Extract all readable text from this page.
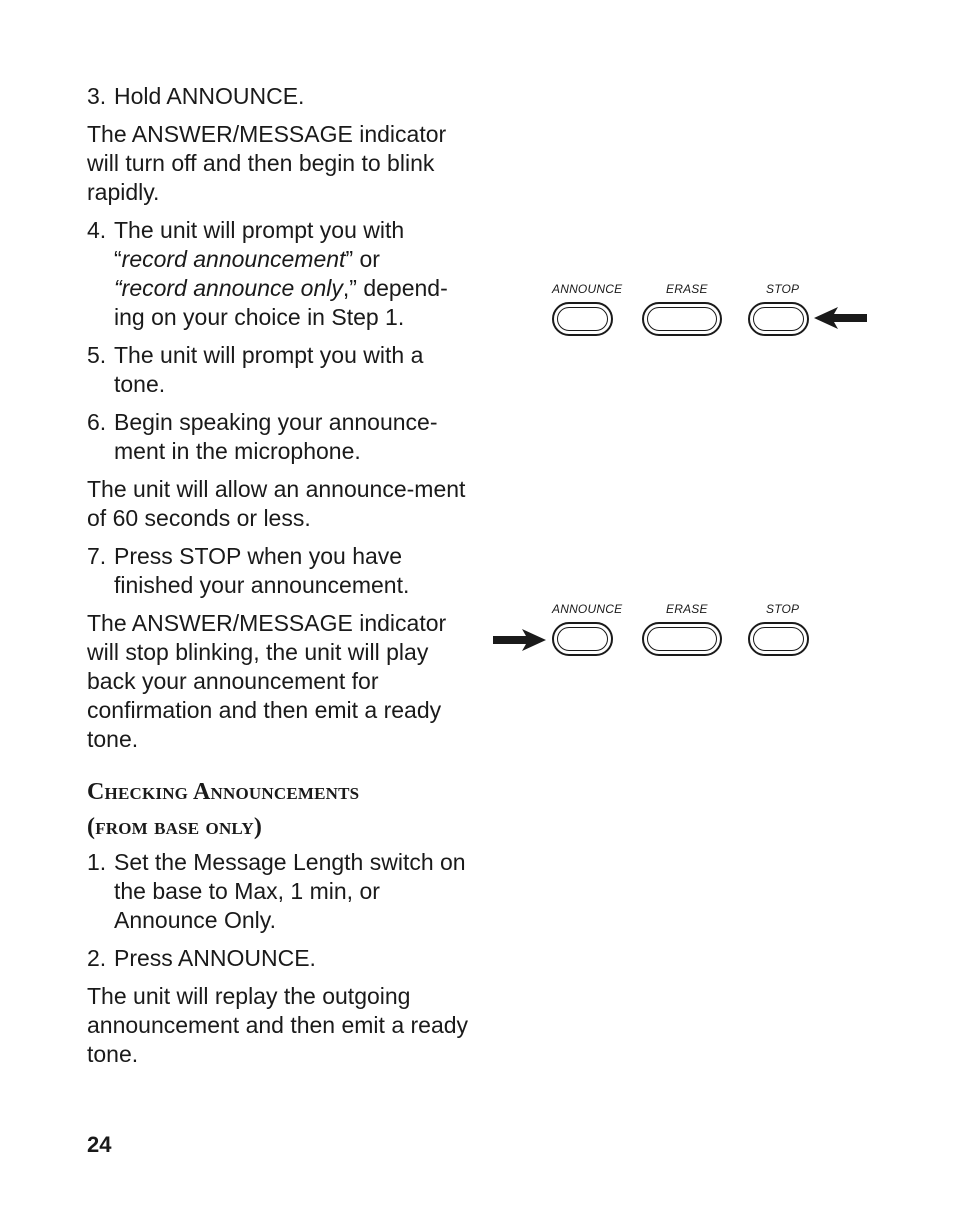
3. Hold ANNOUNCE.

The ANSWER/MESSAGE indicator will turn off and then begin to blink rapidly.

4. The unit will prompt you with
“record announcement” or
“record announce only,” depend-
ing on your choice in Step 1.
5. The unit will prompt you with a tone.
6. Begin speaking your announce-ment in the microphone.

The unit will allow an announce-ment of 60 seconds or less.

7. Press STOP when you have finished your announcement.

The ANSWER/MESSAGE indicator will stop blinking, the unit will play back your announcement for confirmation and then emit a ready tone.

Checking Announcements
(from base only)
1. Set the Message Length switch on the base to Max, 1 min, or Announce Only.
2. Press ANNOUNCE.

The unit will replay the outgoing announcement and then emit a ready tone.

ANNOUNCE	ERASE	STOP
ANNOUNCE	ERASE	STOP
24
